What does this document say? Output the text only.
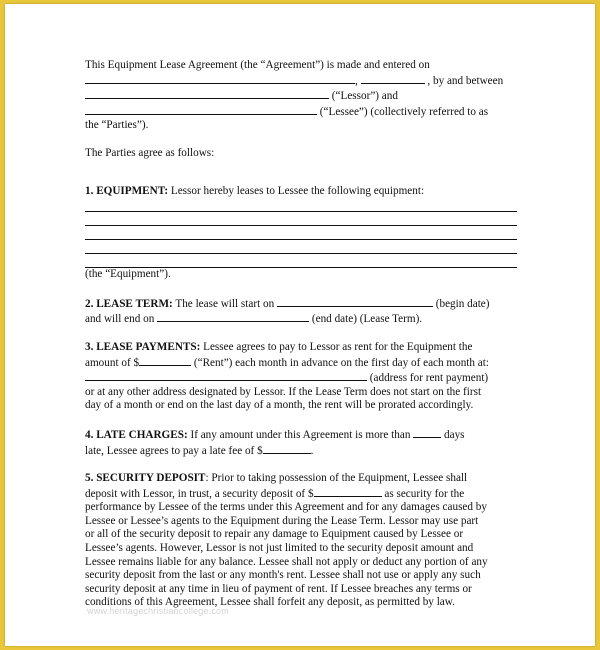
This Equipment Lease Agreement (the “Agreement”) is made and entered on

,	, by and between

(“Lessor”) and

(“Lessee”) (collectively referred to as

the “Parties”).

The Parties agree as follows:

1. EQUIPMENT: Lessor hereby leases to Lessee the following equipment:

(the “Equipment”).

2. LEASE TERM: The lease will start on	(begin date)

and will end on	(end date) (Lease Term).

3. LEASE PAYMENTS: Lessee agrees to pay to Lessor as rent for the Equipment the

amount of $	(“Rent”) each month in advance on the first day of each month at:

(address for rent payment)

or at any other address designated by Lessor. If the Lease Term does not start on the first

day of a month or end on the last day of a month, the rent will be prorated accordingly.

4. LATE CHARGES: If any amount under this Agreement is more than	days

late, Lessee agrees to pay a late fee of $	.

5. SECURITY DEPOSIT: Prior to taking possession of the Equipment, Lessee shall

deposit with Lessor, in trust, a security deposit of $	as security for the

performance by Lessee of the terms under this Agreement and for any damages caused by

Lessee or Lessee’s agents to the Equipment during the Lease Term. Lessor may use part

or all of the security deposit to repair any damage to Equipment caused by Lessee or

Lessee’s agents. However, Lessor is not just limited to the security deposit amount and

Lessee remains liable for any balance. Lessee shall not apply or deduct any portion of any

security deposit from the last or any month's rent. Lessee shall not use or apply any such

security deposit at any time in lieu of payment of rent. If Lessee breaches any terms or

conditions of this Agreement, Lessee shall forfeit any deposit, as permitted by law.

www.heritagechristiancollege.com
